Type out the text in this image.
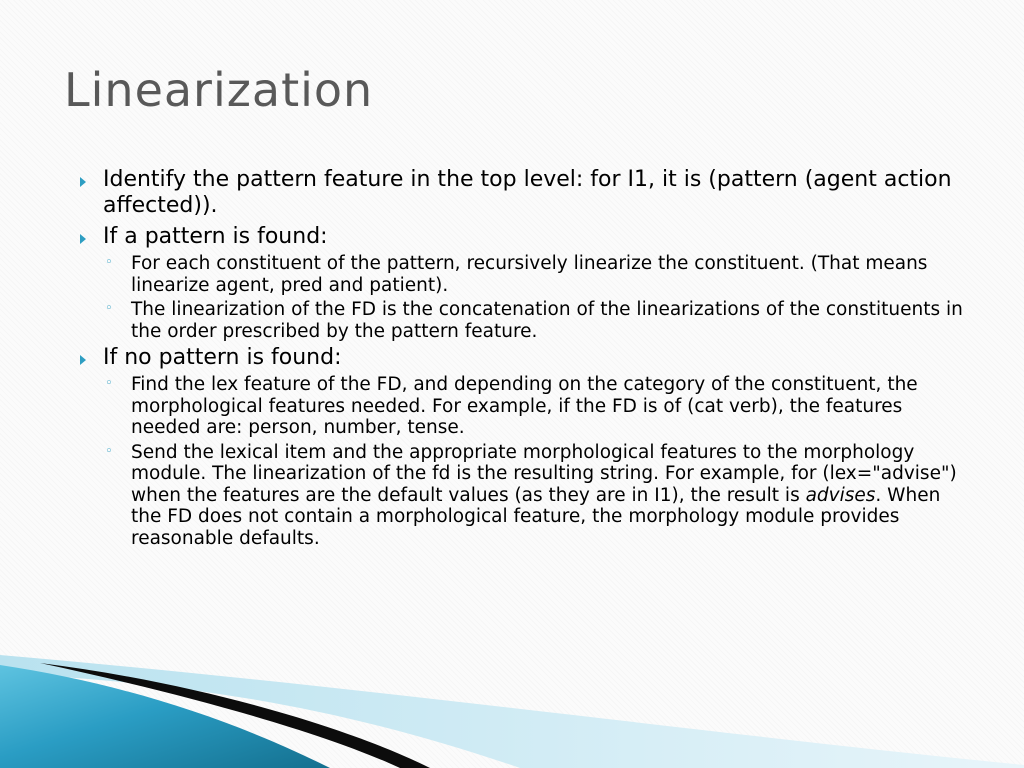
Linearization
Identify the pattern feature in the top level: for I1, it is (pattern (agent action affected)).
If a pattern is found:
◦ For each constituent of the pattern, recursively linearize the constituent. (That means linearize agent, pred and patient).
◦ The linearization of the FD is the concatenation of the linearizations of the constituents in the order prescribed by the pattern feature.
If no pattern is found:
◦ Find the lex feature of the FD, and depending on the category of the constituent, the morphological features needed. For example, if the FD is of (cat verb), the features needed are: person, number, tense.
◦ Send the lexical item and the appropriate morphological features to the morphology module. The linearization of the fd is the resulting string. For example, for (lex="advise") when the features are the default values (as they are in I1), the result is advises. When the FD does not contain a morphological feature, the morphology module provides reasonable defaults.
